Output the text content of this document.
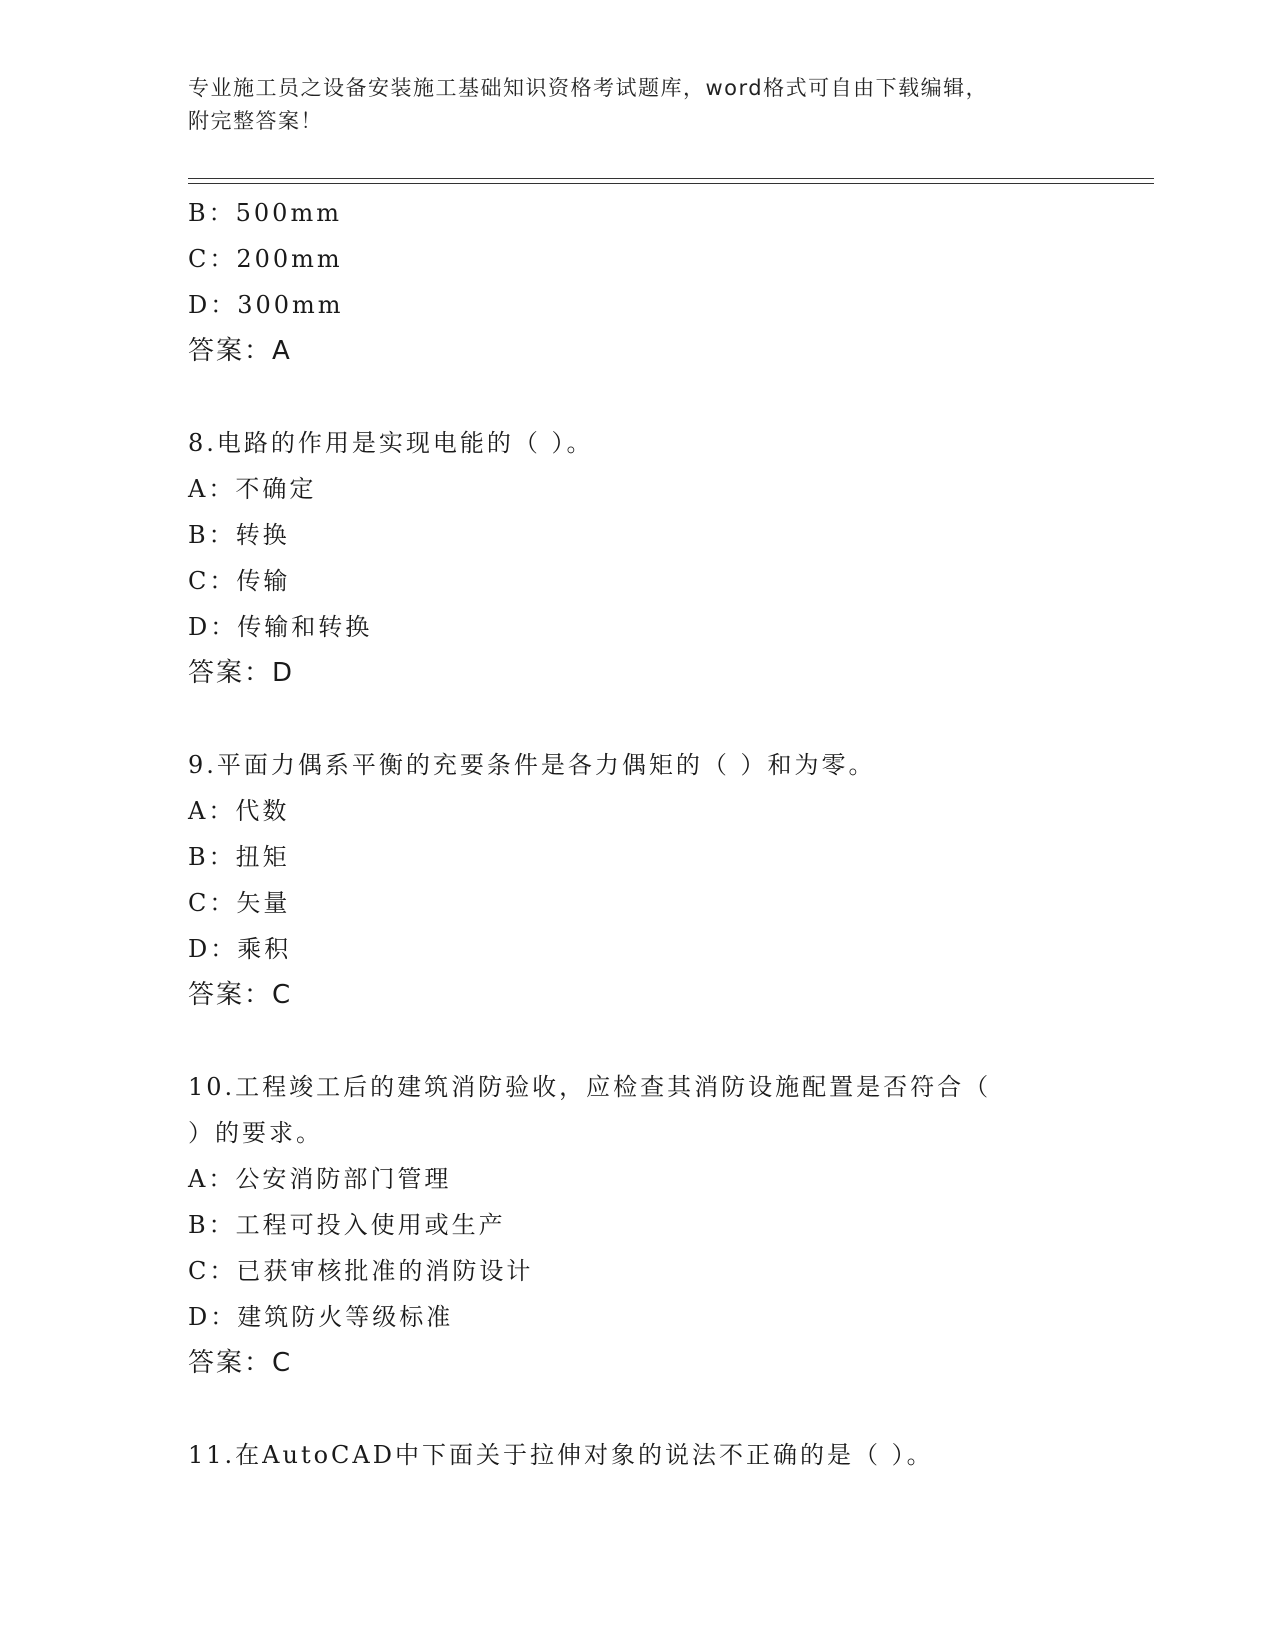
专业施工员之设备安装施工基础知识资格考试题库，word格式可自由下载编辑，
附完整答案！
B：500mm
C：200mm
D：300mm
答案：A
8.电路的作用是实现电能的（ ）。
A：不确定
B：转换
C：传输
D：传输和转换
答案：D
9.平面力偶系平衡的充要条件是各力偶矩的（ ）和为零。
A：代数
B：扭矩
C：矢量
D：乘积
答案：C
10.工程竣工后的建筑消防验收，应检查其消防设施配置是否符合（
）的要求。
A：公安消防部门管理
B：工程可投入使用或生产
C：已获审核批准的消防设计
D：建筑防火等级标准
答案：C
11.在AutoCAD中下面关于拉伸对象的说法不正确的是（ ）。
